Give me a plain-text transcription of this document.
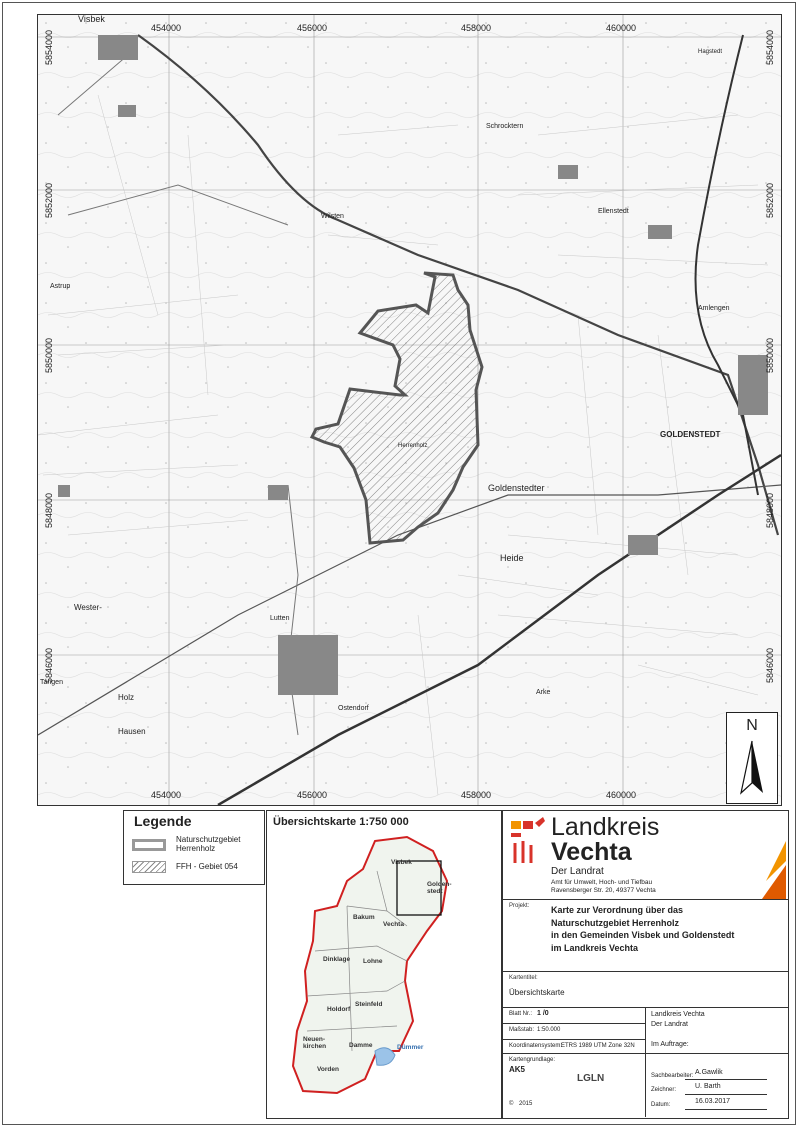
Visbek
Schrocktern
Ellenstedt
Astrup
Wilsten
GOLDENSTEDT
Amlengen
Hagstedt
Wester-
Lutten
Tangen
Arke
Ostendorf
Heide
Holz
Goldenstedter
Hausen
Herrenholz
454000	456000	458000	460000
454000	456000	458000	460000
5854000
5852000
5850000
5848000
5846000
5854000
5852000
5850000
5848000
5846000
N
Legende
Naturschutzgebiet Herrenholz
FFH - Gebiet 054
Übersichtskarte 1:750 000
Visbek
Golden-stedt
Bakum
Vechta
Dinklage Lohne
Holdorf
Steinfeld
Neuen-kirchen	Damme
Vorden
Dümmer
Landkreis
Vechta
Der Landrat
Amt für Umwelt, Hoch- und Tiefbau
Ravensberger Str. 20, 49377 Vechta
Projekt: Karte zur Verordnung über das
Naturschutzgebiet Herrenholz
in den Gemeinden Visbek und Goldenstedt
im Landkreis Vechta
Kartentitel:
Übersichtskarte
Blatt Nr.: 1 /0
Maßstab: 1:50.000
Koordinatensystem:
ETRS 1989 UTM Zone 32N
Kartengrundlage:
AK5
LGLN
© 2015
Landkreis Vechta
Der Landrat
Im Auftrage:
Sachbearbeiter: A.Gawlik
Zeichner:	U. Barth
Datum:	16.03.2017
